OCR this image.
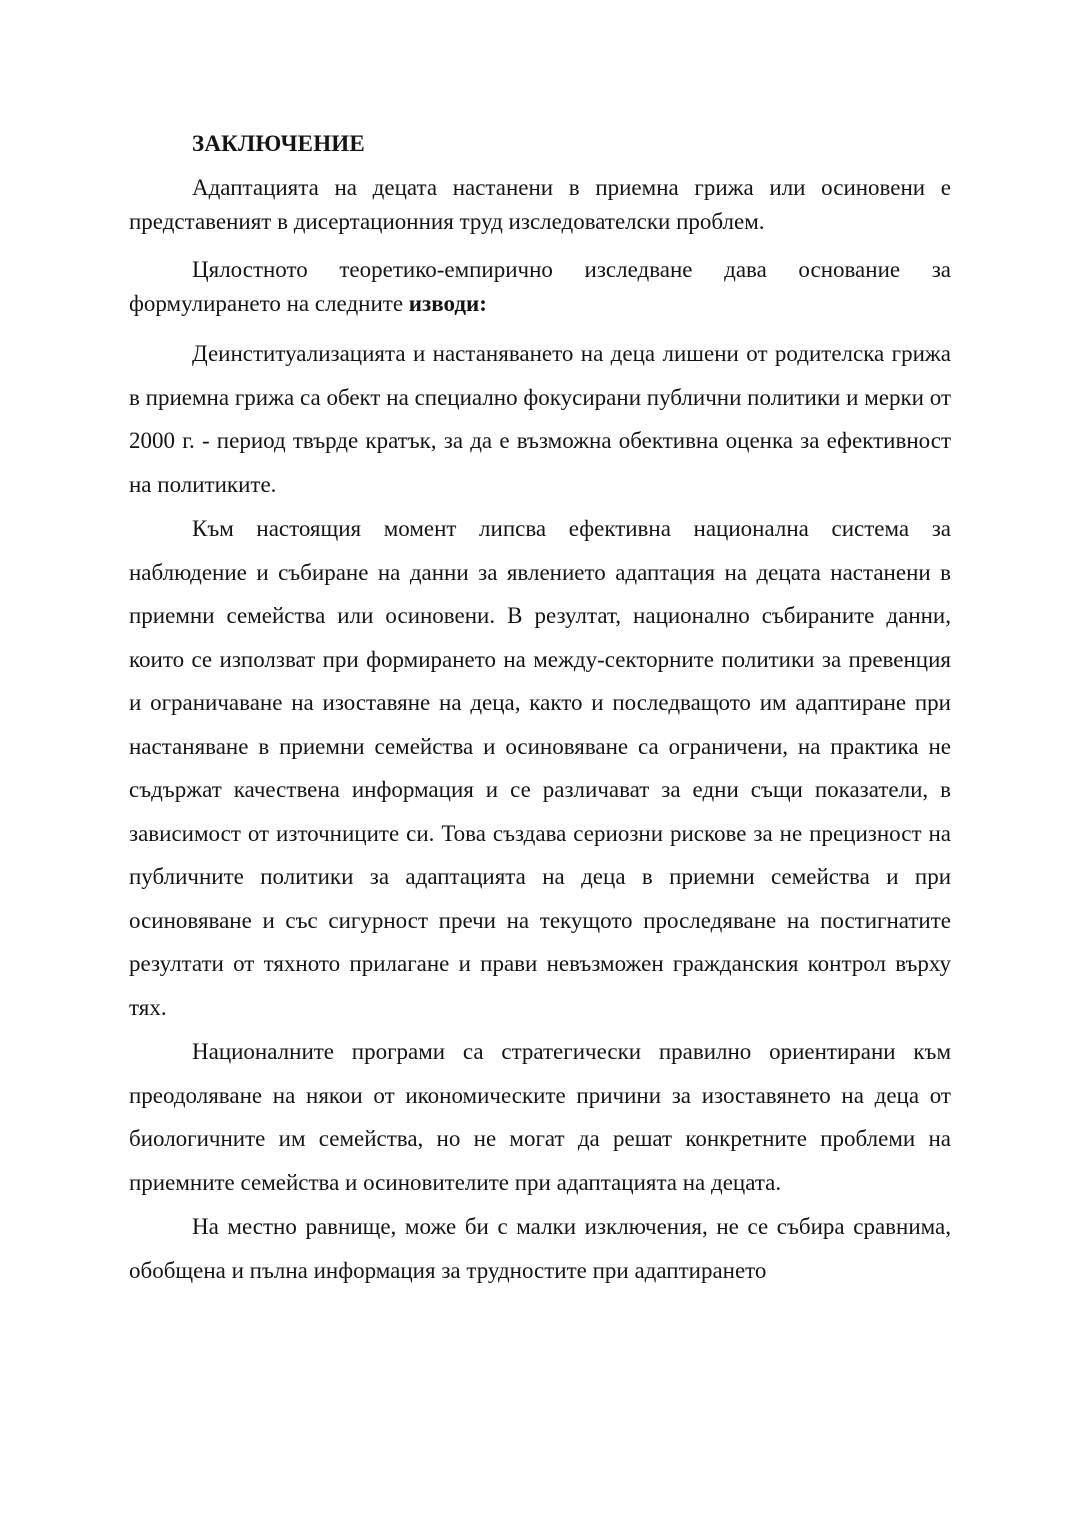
ЗАКЛЮЧЕНИЕ

Адаптацията на децата настанени в приемна грижа или осиновени е представеният в дисертационния труд изследователски проблем.

Цялостното теоретико-емпирично изследване дава основание за формулирането на следните изводи:

Деинституализацията и настаняването на деца лишени от родителска грижа в приемна грижа са обект на специално фокусирани публични политики и мерки от 2000 г. - период твърде кратък, за да е възможна обективна оценка за ефективност на политиките.

Към настоящия момент липсва ефективна национална система за наблюдение и събиране на данни за явлението адаптация на децата настанени в приемни семейства или осиновени. В резултат, национално събираните данни, които се използват при формирането на между-секторните политики за превенция и ограничаване на изоставяне на деца, както и последващото им адаптиране при настаняване в приемни семейства и осиновяване са ограничени, на практика не съдържат качествена информация и се различават за едни същи показатели, в зависимост от източниците си. Това създава сериозни рискове за не прецизност на публичните политики за адаптацията на деца в приемни семейства и при осиновяване и със сигурност пречи на текущото проследяване на постигнатите резултати от тяхното прилагане и прави невъзможен гражданския контрол върху тях.

Националните програми са стратегически правилно ориентирани към преодоляване на някои от икономическите причини за изоставянето на деца от биологичните им семейства, но не могат да решат конкретните проблеми на приемните семейства и осиновителите при адаптацията на децата.

На местно равнище, може би с малки изключения, не се събира сравнима, обобщена и пълна информация за трудностите при адаптирането
